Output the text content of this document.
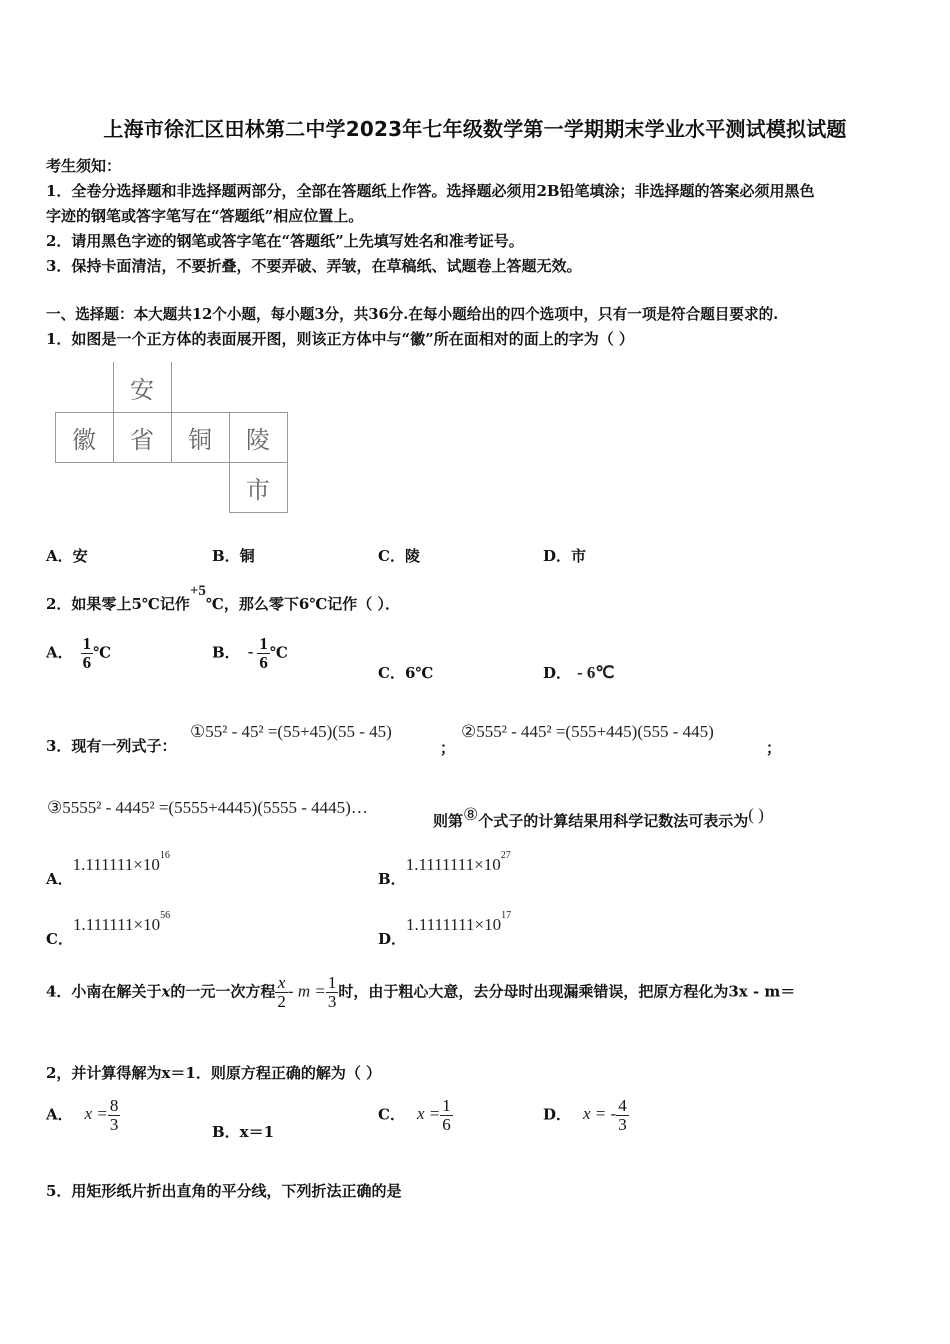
上海市徐汇区田林第二中学2023年七年级数学第一学期期末学业水平测试模拟试题
考生须知：
1．全卷分选择题和非选择题两部分，全部在答题纸上作答。选择题必须用2B铅笔填涂；非选择题的答案必须用黑色
字迹的钢笔或答字笔写在“答题纸”相应位置上。
2．请用黑色字迹的钢笔或答字笔在“答题纸”上先填写姓名和准考证号。
3．保持卡面清洁，不要折叠，不要弄破、弄皱，在草稿纸、试题卷上答题无效。
一、选择题：本大题共12个小题，每小题3分，共36分.在每小题给出的四个选项中，只有一项是符合题目要求的.
1．如图是一个正方体的表面展开图，则该正方体中与“徽”所在面相对的面上的字为（ ）
安
徽	省	铜	陵
市
A．安	B．铜	C．陵	D．市
2．如果零上5℃记作+5℃，那么零下6℃记作（ ）．
A． $\frac{1}{6}$ ℃	B． - $\frac{1}{6}$ ℃
C．6℃	D． - 6℃
3．现有一列式子：
①55² - 45² =(55+45)(55 - 45)
；
②555² - 445² =(555+445)(555 - 445)
；
③5555² - 4445² =(5555+4445)(5555 - 4445)…
则第⑧个式子的计算结果用科学记数法可表示为( )
A．$1.111111\times 10^{16}$
B．$1.1111111\times 10^{27}$
C．$1.111111\times 10^{56}$
D．$1.1111111\times 10^{17}$
4．小南在解关于x的一元一次方程 $\frac{x}{2} - m = \frac{1}{3}$ 时，由于粗心大意，去分母时出现漏乘错误，把原方程化为3x - m＝
2，并计算得解为x＝1．则原方程正确的解为（ ）
A． $x = \frac{8}{3}$	B．x＝1
C． $x = \frac{1}{6}$	D． x = - $\frac{4}{3}$
5．用矩形纸片折出直角的平分线，下列折法正确的是
